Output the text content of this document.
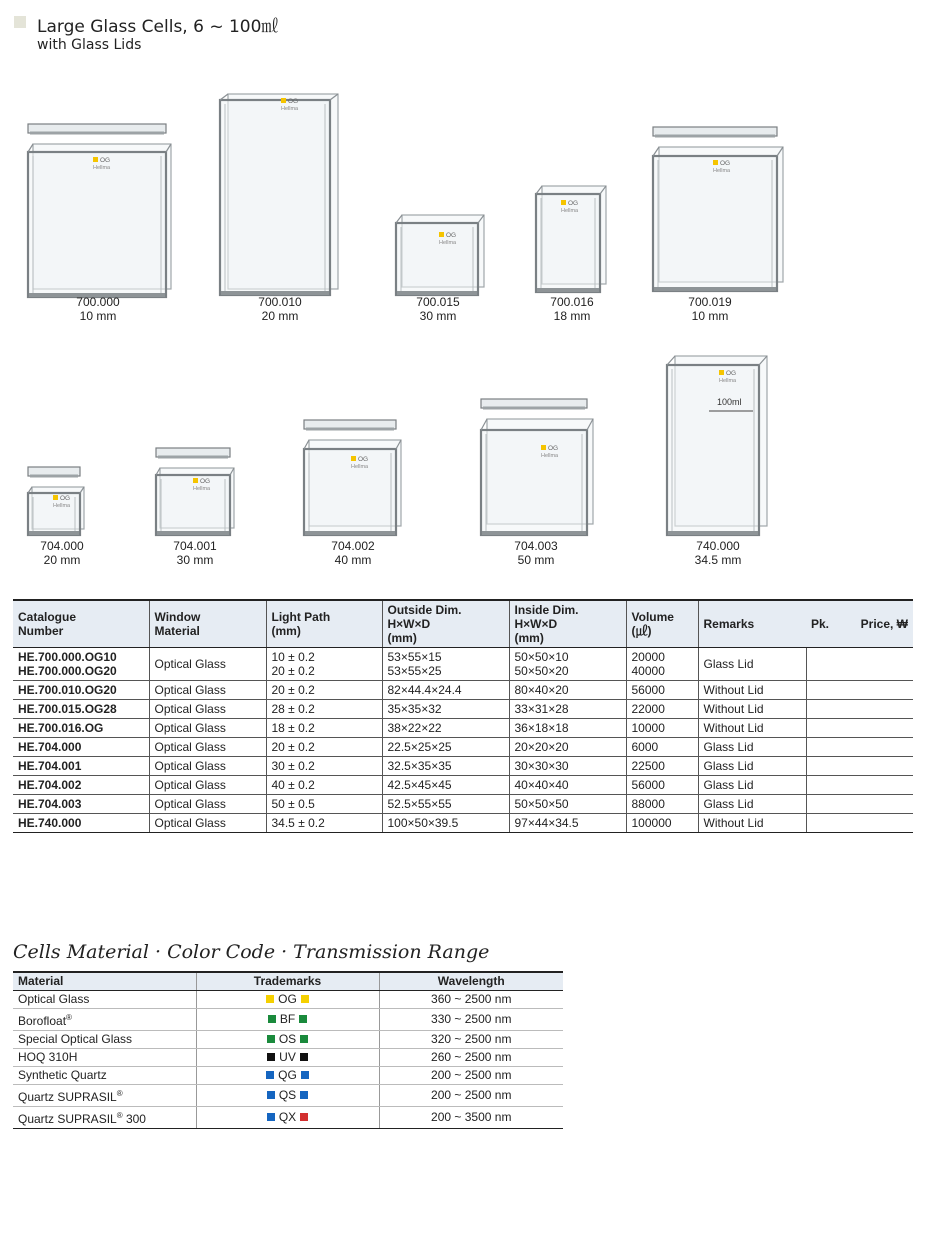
Large Glass Cells, 6 ~ 100㎖
with Glass Lids
OG
Hellma
700.000
10 mm
OG
Hellma
700.010
20 mm
OG
Hellma
700.015
30 mm
OG
Hellma
700.016
18 mm
OG
Hellma
700.019
10 mm
OG
Hellma
704.000
20 mm
OG
Hellma
704.001
30 mm
OG
Hellma
704.002
40 mm
OG
Hellma
704.003
50 mm
OG
Hellma
100ml
740.000
34.5 mm
Catalogue
Number	Window
Material	Light Path
(mm)	Outside Dim.
H×W×D
(mm)	Inside Dim.
H×W×D
(mm)	Volume
(㎕)	Remarks	Pk.	Price, ₩
HE.700.000.OG10
HE.700.000.OG20	Optical Glass	10 ± 0.2
20 ± 0.2	53×55×15
53×55×25	50×50×10
50×50×20	20000
40000	Glass Lid		
HE.700.010.OG20	Optical Glass	20 ± 0.2	82×44.4×24.4	80×40×20	56000	Without Lid		
HE.700.015.OG28	Optical Glass	28 ± 0.2	35×35×32	33×31×28	22000	Without Lid		
HE.700.016.OG	Optical Glass	18 ± 0.2	38×22×22	36×18×18	10000	Without Lid		
HE.704.000	Optical Glass	20 ± 0.2	22.5×25×25	20×20×20	6000	Glass Lid		
HE.704.001	Optical Glass	30 ± 0.2	32.5×35×35	30×30×30	22500	Glass Lid		
HE.704.002	Optical Glass	40 ± 0.2	42.5×45×45	40×40×40	56000	Glass Lid		
HE.704.003	Optical Glass	50 ± 0.5	52.5×55×55	50×50×50	88000	Glass Lid		
HE.740.000	Optical Glass	34.5 ± 0.2	100×50×39.5	97×44×34.5	100000	Without Lid		
Cells Material · Color Code · Transmission Range
Material	Trademarks	Wavelength
Optical Glass	OG	360 ~ 2500 nm
Borofloat®	BF	330 ~ 2500 nm
Special Optical Glass	OS	320 ~ 2500 nm
HOQ 310H	UV	260 ~ 2500 nm
Synthetic Quartz	QG	200 ~ 2500 nm
Quartz SUPRASIL®	QS	200 ~ 2500 nm
Quartz SUPRASIL® 300	QX	200 ~ 3500 nm
